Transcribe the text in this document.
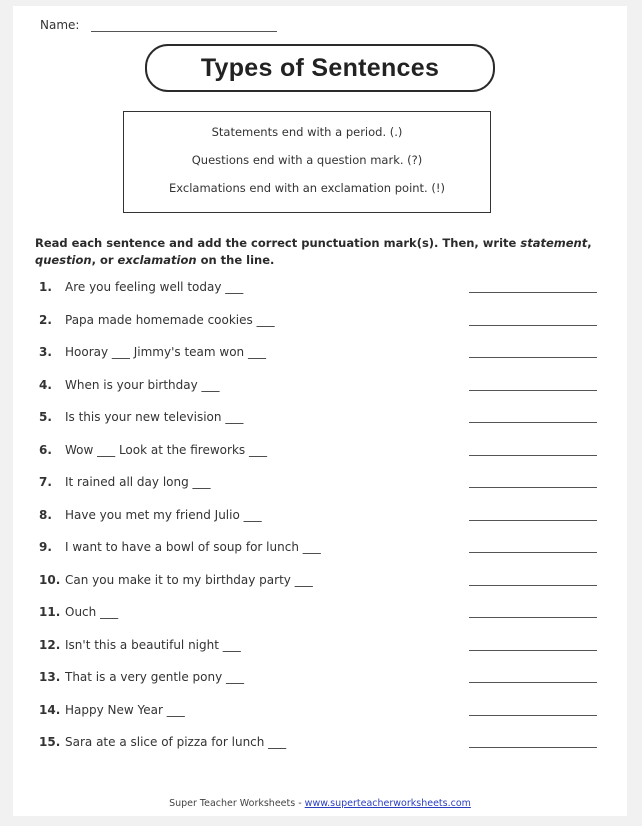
Name:
Types of Sentences
Statements end with a period. (.)
Questions end with a question mark. (?)
Exclamations end with an exclamation point. (!)
Read each sentence and add the correct punctuation mark(s). Then, write statement, question, or exclamation on the line.
1. Are you feeling well today ___
2. Papa made homemade cookies ___
3. Hooray ___ Jimmy's team won ___
4. When is your birthday ___
5. Is this your new television ___
6. Wow ___ Look at the fireworks ___
7. It rained all day long ___
8. Have you met my friend Julio ___
9. I want to have a bowl of soup for lunch ___
10. Can you make it to my birthday party ___
11. Ouch ___
12. Isn't this a beautiful night ___
13. That is a very gentle pony ___
14. Happy New Year ___
15. Sara ate a slice of pizza for lunch ___
Super Teacher Worksheets - www.superteacherworksheets.com
